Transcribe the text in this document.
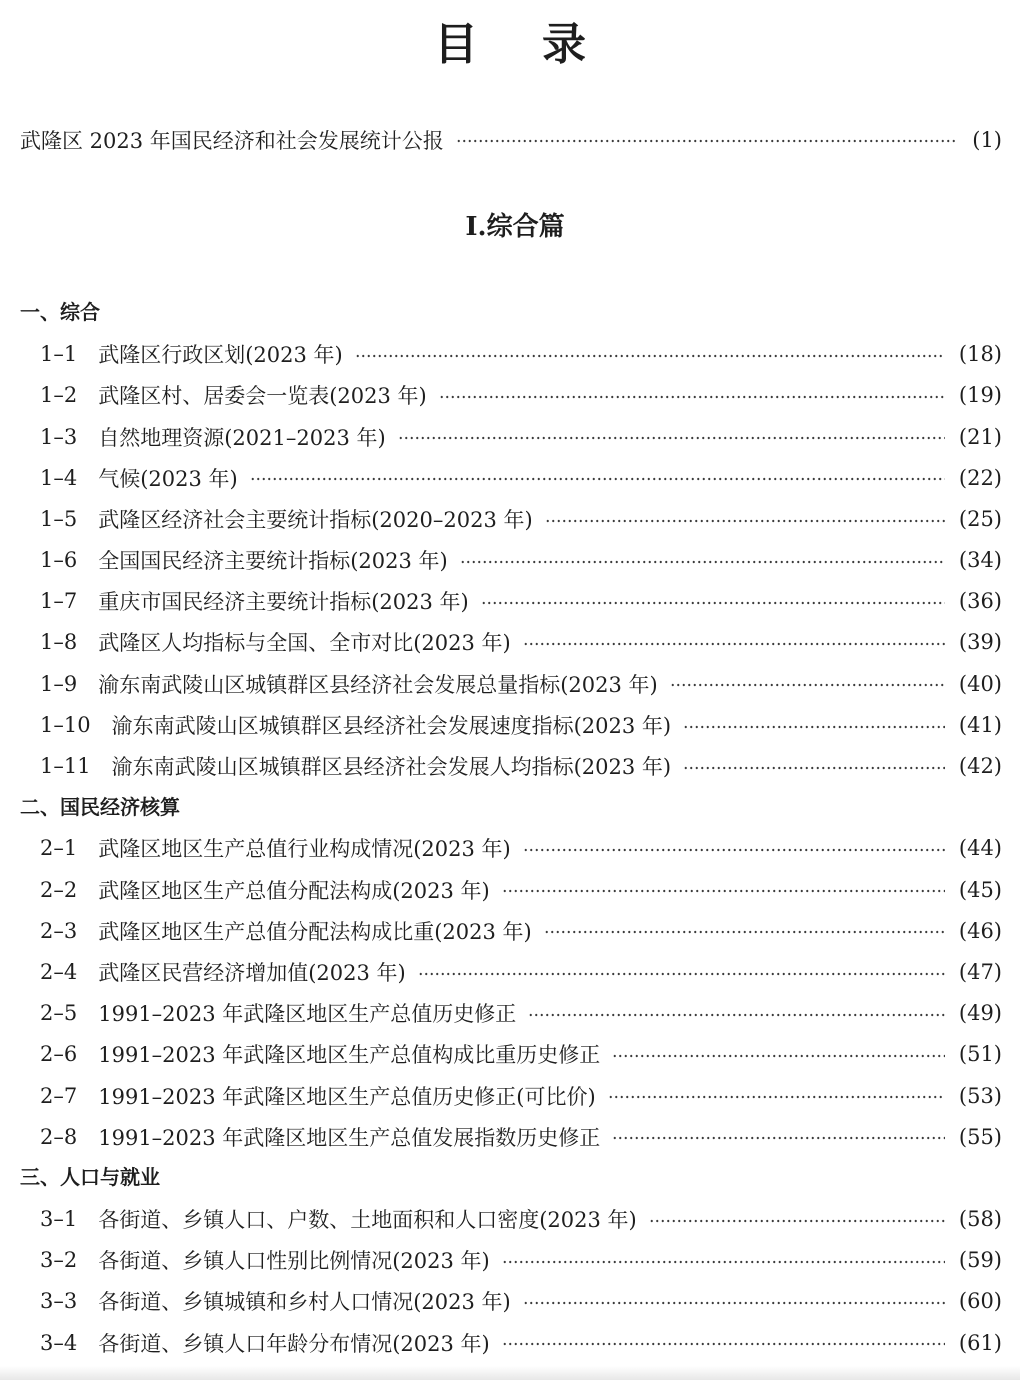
目录
武隆区 2023 年国民经济和社会发展统计公报	(1)
Ⅰ.综合篇
一、综合
1–1 武隆区行政区划(2023 年)	(18)
1–2 武隆区村、居委会一览表(2023 年)	(19)
1–3 自然地理资源(2021–2023 年)	(21)
1–4 气候(2023 年)	(22)
1–5 武隆区经济社会主要统计指标(2020–2023 年)	(25)
1–6 全国国民经济主要统计指标(2023 年)	(34)
1–7 重庆市国民经济主要统计指标(2023 年)	(36)
1–8 武隆区人均指标与全国、全市对比(2023 年)	(39)
1–9 渝东南武陵山区城镇群区县经济社会发展总量指标(2023 年)	(40)
1–10 渝东南武陵山区城镇群区县经济社会发展速度指标(2023 年)	(41)
1–11 渝东南武陵山区城镇群区县经济社会发展人均指标(2023 年)	(42)
二、国民经济核算
2–1 武隆区地区生产总值行业构成情况(2023 年)	(44)
2–2 武隆区地区生产总值分配法构成(2023 年)	(45)
2–3 武隆区地区生产总值分配法构成比重(2023 年)	(46)
2–4 武隆区民营经济增加值(2023 年)	(47)
2–5 1991–2023 年武隆区地区生产总值历史修正	(49)
2–6 1991–2023 年武隆区地区生产总值构成比重历史修正	(51)
2–7 1991–2023 年武隆区地区生产总值历史修正(可比价)	(53)
2–8 1991–2023 年武隆区地区生产总值发展指数历史修正	(55)
三、人口与就业
3–1 各街道、乡镇人口、户数、土地面积和人口密度(2023 年)	(58)
3–2 各街道、乡镇人口性别比例情况(2023 年)	(59)
3–3 各街道、乡镇城镇和乡村人口情况(2023 年)	(60)
3–4 各街道、乡镇人口年龄分布情况(2023 年)	(61)
